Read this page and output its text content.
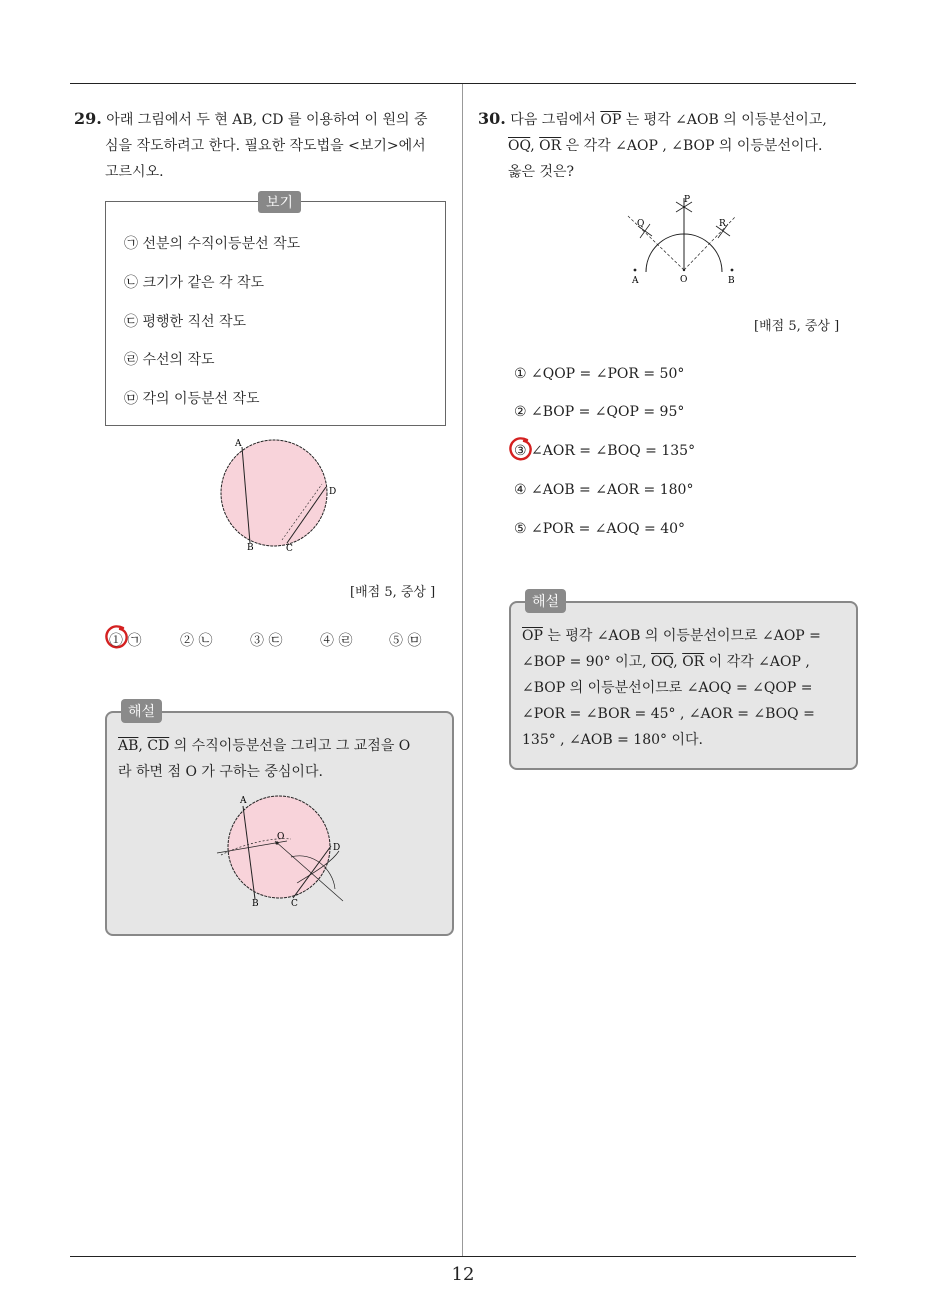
29. 아래 그림에서 두 현 AB, CD 를 이용하여 이 원의 중
심을 작도하려고 한다. 필요한 작도법을 <보기>에서
고르시오.
보기
㉠ 선분의 수직이등분선 작도
㉡ 크기가 같은 각 작도
㉢ 평행한 직선 작도
㉣ 수선의 작도
㉤ 각의 이등분선 작도
A
B	C
D
[배점 5, 중상 ]
① ㉠	② ㉡	③ ㉢	④ ㉣	⑤ ㉤
해설
$\overline{AB}$, $\overline{CD}$ 의 수직이등분선을 그리고 그 교점을 O
라 하면 점 O 가 구하는 중심이다.
A
B	C
D
O
30. 다음 그림에서 $\overline{OP}$ 는 평각 ∠AOB 의 이등분선이고,
$\overline{OQ}$, $\overline{OR}$ 은 각각 ∠AOP , ∠BOP 의 이등분선이다.
옳은 것은?
P
Q	R
A	O	B
[배점 5, 중상 ]
① ∠QOP = ∠POR = 50°
② ∠BOP = ∠QOP = 95°
③ ∠AOR = ∠BOQ = 135°
④ ∠AOB = ∠AOR = 180°
⑤ ∠POR = ∠AOQ = 40°
해설
$\overline{OP}$ 는 평각 ∠AOB 의 이등분선이므로 ∠AOP =
∠BOP = 90° 이고, $\overline{OQ}$, $\overline{OR}$ 이 각각 ∠AOP ,
∠BOP 의 이등분선이므로 ∠AOQ = ∠QOP =
∠POR = ∠BOR = 45° , ∠AOR = ∠BOQ =
135° , ∠AOB = 180° 이다.
12
